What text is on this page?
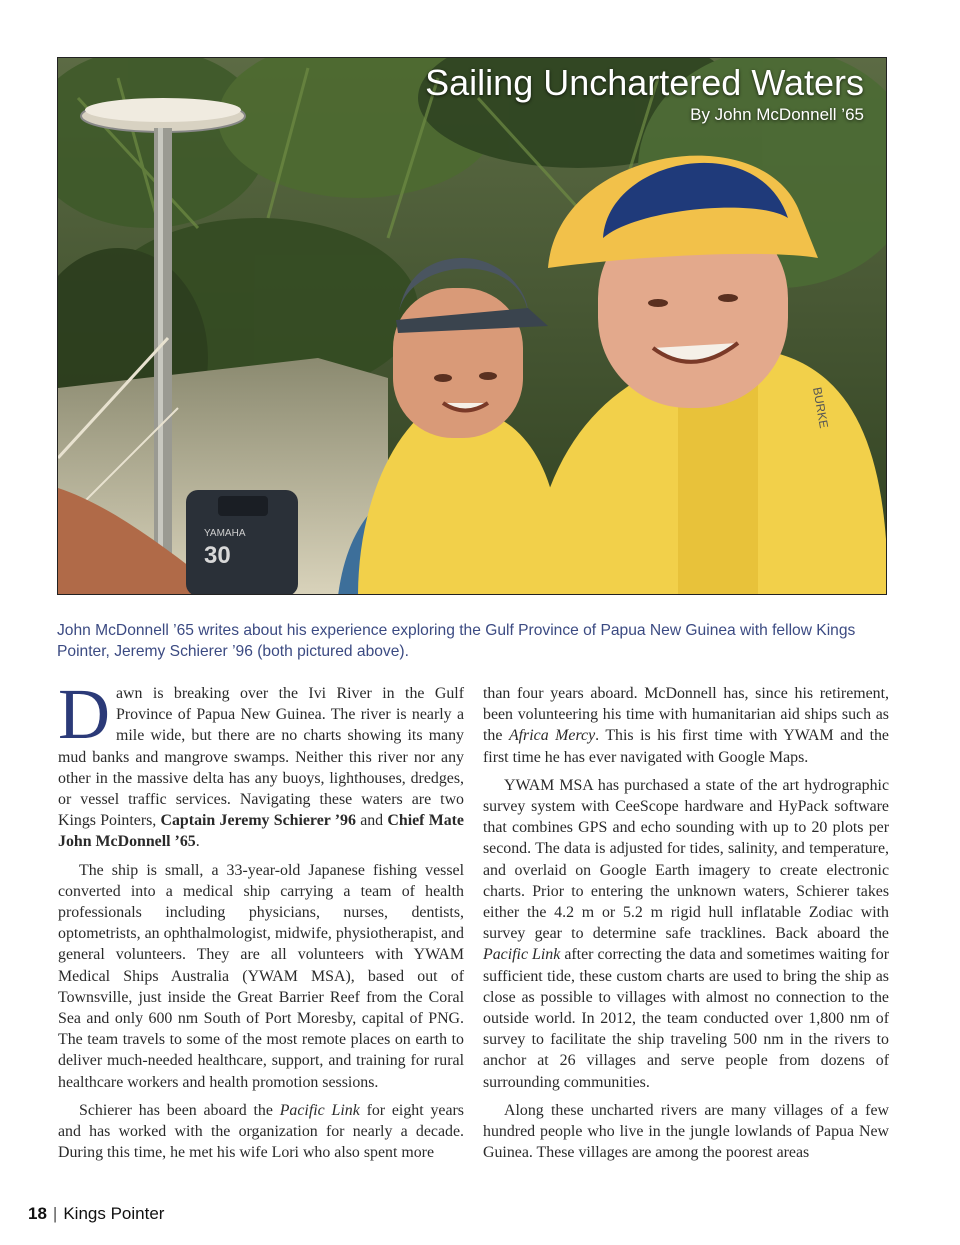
YAMAHA
30
BURKE
Sailing Unchartered Waters
By John McDonnell ’65
John McDonnell ’65 writes about his experience exploring the Gulf Province of Papua New Guinea with fellow Kings Pointer, Jeremy Schierer ’96 (both pictured above).

Dawn is breaking over the Ivi River in the Gulf Province of Papua New Guinea. The river is nearly a mile wide, but there are no charts showing its many mud banks and mangrove swamps. Neither this river nor any other in the massive delta has any buoys, lighthouses, dredges, or vessel traffic services. Navigating these waters are two Kings Pointers, Captain Jeremy Schierer ’96 and Chief Mate John McDonnell ’65.

The ship is small, a 33-year-old Japanese fishing vessel converted into a medical ship carrying a team of health professionals including physicians, nurses, dentists, optometrists, an ophthalmologist, midwife, physiotherapist, and general volunteers. They are all volunteers with YWAM Medical Ships Australia (YWAM MSA), based out of Townsville, just inside the Great Barrier Reef from the Coral Sea and only 600 nm South of Port Moresby, capital of PNG. The team travels to some of the most remote places on earth to deliver much-needed healthcare, support, and training for rural healthcare workers and health promotion sessions.

Schierer has been aboard the Pacific Link for eight years and has worked with the organization for nearly a decade. During this time, he met his wife Lori who also spent more

than four years aboard. McDonnell has, since his retirement, been volunteering his time with humanitarian aid ships such as the Africa Mercy. This is his first time with YWAM and the first time he has ever navigated with Google Maps.

YWAM MSA has purchased a state of the art hydrographic survey system with CeeScope hardware and HyPack software that combines GPS and echo sounding with up to 20 plots per second. The data is adjusted for tides, salinity, and temperature, and overlaid on Google Earth imagery to create electronic charts. Prior to entering the unknown waters, Schierer takes either the 4.2 m or 5.2 m rigid hull inflatable Zodiac with survey gear to determine safe tracklines. Back aboard the Pacific Link after correcting the data and sometimes waiting for sufficient tide, these custom charts are used to bring the ship as close as possible to villages with almost no connection to the outside world. In 2012, the team conducted over 1,800 nm of survey to facilitate the ship traveling 500 nm in the rivers to anchor at 26 villages and serve people from dozens of surrounding communities.

Along these uncharted rivers are many villages of a few hundred people who live in the jungle lowlands of Papua New Guinea. These villages are among the poorest areas

18 | Kings Pointer
